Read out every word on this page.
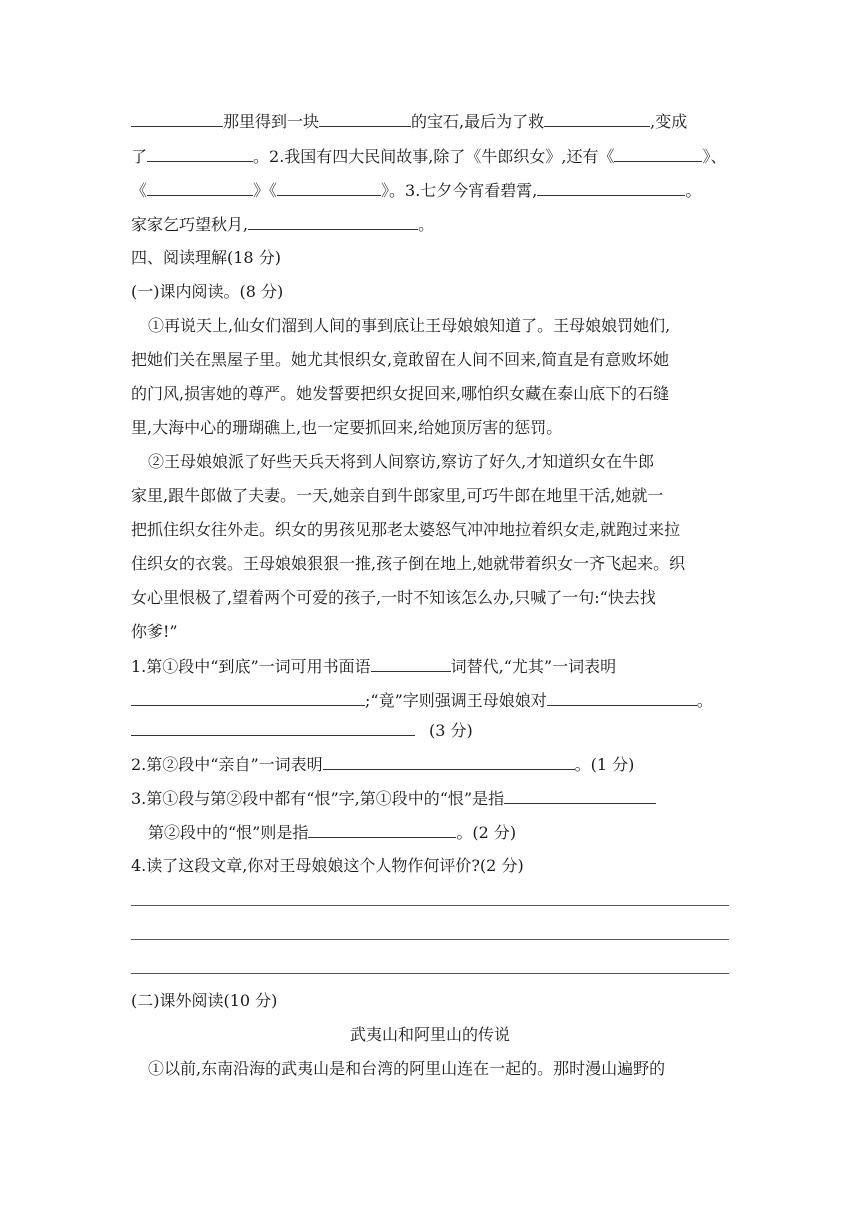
那里得到一块	的宝石,最后为了救	,变成
了	。2.我国有四大民间故事,除了《牛郎织女》,还有《	》、
《	》《	》。3.七夕今宵看碧霄,	。
家家乞巧望秋月,	。
四、阅读理解(18 分)
(一)课内阅读。(8 分)
①再说天上,仙女们溜到人间的事到底让王母娘娘知道了。王母娘娘罚她们,
把她们关在黑屋子里。她尤其恨织女,竟敢留在人间不回来,简直是有意败坏她
的门风,损害她的尊严。她发誓要把织女捉回来,哪怕织女藏在泰山底下的石缝
里,大海中心的珊瑚礁上,也一定要抓回来,给她顶厉害的惩罚。
②王母娘娘派了好些天兵天将到人间察访,察访了好久,才知道织女在牛郎
家里,跟牛郎做了夫妻。一天,她亲自到牛郎家里,可巧牛郎在地里干活,她就一
把抓住织女往外走。织女的男孩见那老太婆怒气冲冲地拉着织女走,就跑过来拉
住织女的衣裳。王母娘娘狠狠一推,孩子倒在地上,她就带着织女一齐飞起来。织
女心里恨极了,望着两个可爱的孩子,一时不知该怎么办,只喊了一句:“快去找
你爹!”
1.第①段中“到底”一词可用书面语	词替代,“尤其”一词表明
;“竟”字则强调王母娘娘对	。
(3 分)
2.第②段中“亲自”一词表明	。(1 分)
3.第①段与第②段中都有“恨”字,第①段中的“恨”是指
第②段中的“恨”则是指	。(2 分)
4.读了这段文章,你对王母娘娘这个人物作何评价?(2 分)
(二)课外阅读(10 分)
武夷山和阿里山的传说
①以前,东南沿海的武夷山是和台湾的阿里山连在一起的。那时漫山遍野的
